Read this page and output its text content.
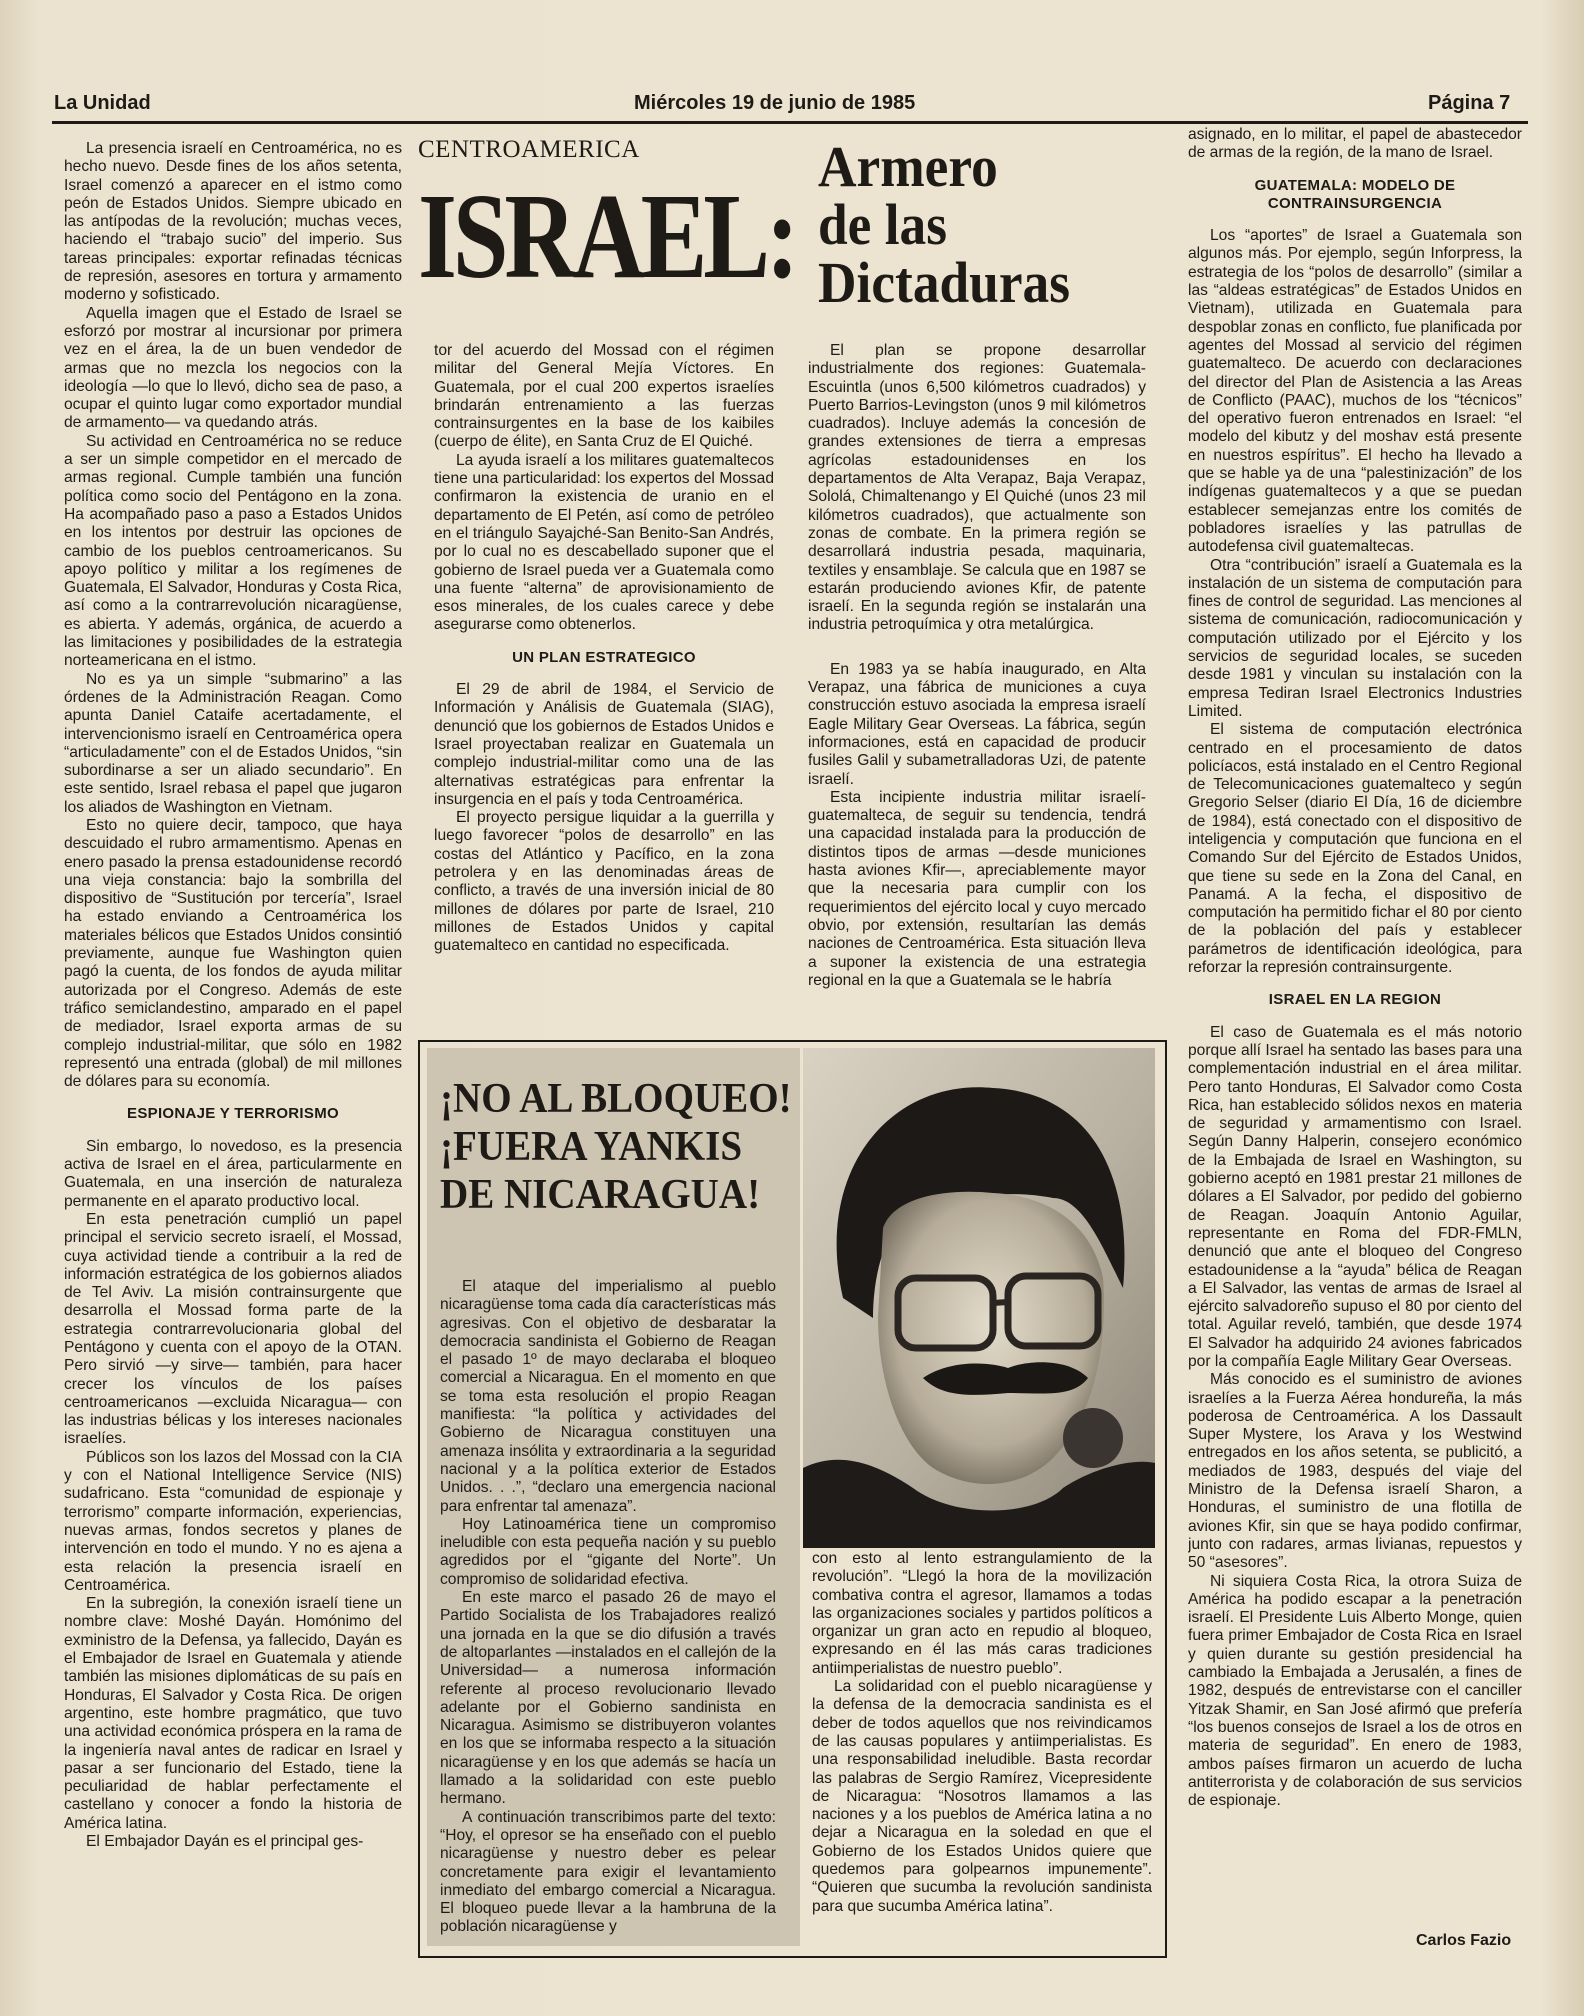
La Unidad	Miércoles 19 de junio de 1985	Página 7

La presencia israelí en Centroamérica, no es hecho nuevo. Desde fines de los años setenta, Israel comenzó a aparecer en el istmo como peón de Estados Unidos. Siempre ubicado en las antípodas de la revolución; muchas veces, haciendo el “trabajo sucio” del imperio. Sus tareas principales: exportar refinadas técnicas de represión, asesores en tortura y armamento moderno y sofisticado.

Aquella imagen que el Estado de Israel se esforzó por mostrar al incursionar por primera vez en el área, la de un buen vendedor de armas que no mezcla los negocios con la ideología —lo que lo llevó, dicho sea de paso, a ocupar el quinto lugar como exportador mundial de armamento— va quedando atrás.

Su actividad en Centroamérica no se reduce a ser un simple competidor en el mercado de armas regional. Cumple también una función política como socio del Pentágono en la zona. Ha acompañado paso a paso a Estados Unidos en los intentos por destruir las opciones de cambio de los pueblos centroamericanos. Su apoyo político y militar a los regímenes de Guatemala, El Salvador, Honduras y Costa Rica, así como a la contrarrevolución nicaragüense, es abierta. Y además, orgánica, de acuerdo a las limitaciones y posibilidades de la estrategia norteamericana en el istmo.

No es ya un simple “submarino” a las órdenes de la Administración Reagan. Como apunta Daniel Cataife acertadamente, el intervencionismo israelí en Centroamérica opera “articuladamente” con el de Estados Unidos, “sin subordinarse a ser un aliado secundario”. En este sentido, Israel rebasa el papel que jugaron los aliados de Washington en Vietnam.

Esto no quiere decir, tampoco, que haya descuidado el rubro armamentismo. Apenas en enero pasado la prensa estadounidense recordó una vieja constancia: bajo la sombrilla del dispositivo de “Sustitución por tercería”, Israel ha estado enviando a Centroamérica los materiales bélicos que Estados Unidos consintió previamente, aunque fue Washington quien pagó la cuenta, de los fondos de ayuda militar autorizada por el Congreso. Además de este tráfico semiclandestino, amparado en el papel de mediador, Israel exporta armas de su complejo industrial-militar, que sólo en 1982 representó una entrada (global) de mil millones de dólares para su economía.

ESPIONAJE Y TERRORISMO

Sin embargo, lo novedoso, es la presencia activa de Israel en el área, particularmente en Guatemala, en una inserción de naturaleza permanente en el aparato productivo local.

En esta penetración cumplió un papel principal el servicio secreto israelí, el Mossad, cuya actividad tiende a contribuir a la red de información estratégica de los gobiernos aliados de Tel Aviv. La misión contrainsurgente que desarrolla el Mossad forma parte de la estrategia contrarrevolucionaria global del Pentágono y cuenta con el apoyo de la OTAN. Pero sirvió —y sirve— también, para hacer crecer los vínculos de los países centroamericanos —excluida Nicaragua— con las industrias bélicas y los intereses nacionales israelíes.

Públicos son los lazos del Mossad con la CIA y con el National Intelligence Service (NIS) sudafricano. Esta “comunidad de espionaje y terrorismo” comparte información, experiencias, nuevas armas, fondos secretos y planes de intervención en todo el mundo. Y no es ajena a esta relación la presencia israelí en Centroamérica.

En la subregión, la conexión israelí tiene un nombre clave: Moshé Dayán. Homónimo del exministro de la Defensa, ya fallecido, Dayán es el Embajador de Israel en Guatemala y atiende también las misiones diplomáticas de su país en Honduras, El Salvador y Costa Rica. De origen argentino, este hombre pragmático, que tuvo una actividad económica próspera en la rama de la ingeniería naval antes de radicar en Israel y pasar a ser funcionario del Estado, tiene la peculiaridad de hablar perfectamente el castellano y conocer a fondo la historia de América latina.

El Embajador Dayán es el principal ges-

CENTROAMERICA
ISRAEL:
Armero
de las
Dictaduras

tor del acuerdo del Mossad con el régimen militar del General Mejía Víctores. En Guatemala, por el cual 200 expertos israelíes brindarán entrenamiento a las fuerzas contrainsurgentes en la base de los kaibiles (cuerpo de élite), en Santa Cruz de El Quiché.

La ayuda israelí a los militares guatemaltecos tiene una particularidad: los expertos del Mossad confirmaron la existencia de uranio en el departamento de El Petén, así como de petróleo en el triángulo Sayajché-San Benito-San Andrés, por lo cual no es descabellado suponer que el gobierno de Israel pueda ver a Guatemala como una fuente “alterna” de aprovisionamiento de esos minerales, de los cuales carece y debe asegurarse como obtenerlos.

UN PLAN ESTRATEGICO

El 29 de abril de 1984, el Servicio de Información y Análisis de Guatemala (SIAG), denunció que los gobiernos de Estados Unidos e Israel proyectaban realizar en Guatemala un complejo industrial-militar como una de las alternativas estratégicas para enfrentar la insurgencia en el país y toda Centroamérica.

El proyecto persigue liquidar a la guerrilla y luego favorecer “polos de desarrollo” en las costas del Atlántico y Pacífico, en la zona petrolera y en las denominadas áreas de conflicto, a través de una inversión inicial de 80 millones de dólares por parte de Israel, 210 millones de Estados Unidos y capital guatemalteco en cantidad no especificada.

El plan se propone desarrollar industrialmente dos regiones: Guatemala-Escuintla (unos 6,500 kilómetros cuadrados) y Puerto Barrios-Levingston (unos 9 mil kilómetros cuadrados). Incluye además la concesión de grandes extensiones de tierra a empresas agrícolas estadounidenses en los departamentos de Alta Verapaz, Baja Verapaz, Sololá, Chimaltenango y El Quiché (unos 23 mil kilómetros cuadrados), que actualmente son zonas de combate. En la primera región se desarrollará industria pesada, maquinaria, textiles y ensamblaje. Se calcula que en 1987 se estarán produciendo aviones Kfir, de patente israelí. En la segunda región se instalarán una industria petroquímica y otra metalúrgica.

En 1983 ya se había inaugurado, en Alta Verapaz, una fábrica de municiones a cuya construcción estuvo asociada la empresa israelí Eagle Military Gear Overseas. La fábrica, según informaciones, está en capacidad de producir fusiles Galil y subametralladoras Uzi, de patente israelí.

Esta incipiente industria militar israelí-guatemalteca, de seguir su tendencia, tendrá una capacidad instalada para la producción de distintos tipos de armas —desde municiones hasta aviones Kfir—, apreciablemente mayor que la necesaria para cumplir con los requerimientos del ejército local y cuyo mercado obvio, por extensión, resultarían las demás naciones de Centroamérica. Esta situación lleva a suponer la existencia de una estrategia regional en la que a Guatemala se le habría

asignado, en lo militar, el papel de abastecedor de armas de la región, de la mano de Israel.

GUATEMALA: MODELO DE CONTRAINSURGENCIA

Los “aportes” de Israel a Guatemala son algunos más. Por ejemplo, según Inforpress, la estrategia de los “polos de desarrollo” (similar a las “aldeas estratégicas” de Estados Unidos en Vietnam), utilizada en Guatemala para despoblar zonas en conflicto, fue planificada por agentes del Mossad al servicio del régimen guatemalteco. De acuerdo con declaraciones del director del Plan de Asistencia a las Areas de Conflicto (PAAC), muchos de los “técnicos” del operativo fueron entrenados en Israel: “el modelo del kibutz y del moshav está presente en nuestros espíritus”. El hecho ha llevado a que se hable ya de una “palestinización” de los indígenas guatemaltecos y a que se puedan establecer semejanzas entre los comités de pobladores israelíes y las patrullas de autodefensa civil guatemaltecas.

Otra “contribución” israelí a Guatemala es la instalación de un sistema de computación para fines de control de seguridad. Las menciones al sistema de comunicación, radiocomunicación y computación utilizado por el Ejército y los servicios de seguridad locales, se suceden desde 1981 y vinculan su instalación con la empresa Tediran Israel Electronics Industries Limited.

El sistema de computación electrónica centrado en el procesamiento de datos policíacos, está instalado en el Centro Regional de Telecomunicaciones guatemalteco y según Gregorio Selser (diario El Día, 16 de diciembre de 1984), está conectado con el dispositivo de inteligencia y computación que funciona en el Comando Sur del Ejército de Estados Unidos, que tiene su sede en la Zona del Canal, en Panamá. A la fecha, el dispositivo de computación ha permitido fichar el 80 por ciento de la población del país y establecer parámetros de identificación ideológica, para reforzar la represión contrainsurgente.

ISRAEL EN LA REGION

El caso de Guatemala es el más notorio porque allí Israel ha sentado las bases para una complementación industrial en el área militar. Pero tanto Honduras, El Salvador como Costa Rica, han establecido sólidos nexos en materia de seguridad y armamentismo con Israel. Según Danny Halperin, consejero económico de la Embajada de Israel en Washington, su gobierno aceptó en 1981 prestar 21 millones de dólares a El Salvador, por pedido del gobierno de Reagan. Joaquín Antonio Aguilar, representante en Roma del FDR-FMLN, denunció que ante el bloqueo del Congreso estadounidense a la “ayuda” bélica de Reagan a El Salvador, las ventas de armas de Israel al ejército salvadoreño supuso el 80 por ciento del total. Aguilar reveló, también, que desde 1974 El Salvador ha adquirido 24 aviones fabricados por la compañía Eagle Military Gear Overseas.

Más conocido es el suministro de aviones israelíes a la Fuerza Aérea hondureña, la más poderosa de Centroamérica. A los Dassault Super Mystere, los Arava y los Westwind entregados en los años setenta, se publicitó, a mediados de 1983, después del viaje del Ministro de la Defensa israelí Sharon, a Honduras, el suministro de una flotilla de aviones Kfir, sin que se haya podido confirmar, junto con radares, armas livianas, repuestos y 50 “asesores”.

Ni siquiera Costa Rica, la otrora Suiza de América ha podido escapar a la penetración israelí. El Presidente Luis Alberto Monge, quien fuera primer Embajador de Costa Rica en Israel y quien durante su gestión presidencial ha cambiado la Embajada a Jerusalén, a fines de 1982, después de entrevistarse con el canciller Yitzak Shamir, en San José afirmó que prefería “los buenos consejos de Israel a los de otros en materia de seguridad”. En enero de 1983, ambos países firmaron un acuerdo de lucha antiterrorista y de colaboración de sus servicios de espionaje.

Carlos Fazio
¡NO AL BLOQUEO!
¡FUERA YANKIS
DE NICARAGUA!

El ataque del imperialismo al pueblo nicaragüense toma cada día características más agresivas. Con el objetivo de desbaratar la democracia sandinista el Gobierno de Reagan el pasado 1º de mayo declaraba el bloqueo comercial a Nicaragua. En el momento en que se toma esta resolución el propio Reagan manifiesta: “la política y actividades del Gobierno de Nicaragua constituyen una amenaza insólita y extraordinaria a la seguridad nacional y a la política exterior de Estados Unidos. . .”, “declaro una emergencia nacional para enfrentar tal amenaza”.

Hoy Latinoamérica tiene un compromiso ineludible con esta pequeña nación y su pueblo agredidos por el “gigante del Norte”. Un compromiso de solidaridad efectiva.

En este marco el pasado 26 de mayo el Partido Socialista de los Trabajadores realizó una jornada en la que se dio difusión a través de altoparlantes —instalados en el callejón de la Universidad— a numerosa información referente al proceso revolucionario llevado adelante por el Gobierno sandinista en Nicaragua. Asimismo se distribuyeron volantes en los que se informaba respecto a la situación nicaragüense y en los que además se hacía un llamado a la solidaridad con este pueblo hermano.

A continuación transcribimos parte del texto: “Hoy, el opresor se ha enseñado con el pueblo nicaragüense y nuestro deber es pelear concretamente para exigir el levantamiento inmediato del embargo comercial a Nicaragua. El bloqueo puede llevar a la hambruna de la población nicaragüense y

con esto al lento estrangulamiento de la revolución”. “Llegó la hora de la movilización combativa contra el agresor, llamamos a todas las organizaciones sociales y partidos políticos a organizar un gran acto en repudio al bloqueo, expresando en él las más caras tradiciones antiimperialistas de nuestro pueblo”.

La solidaridad con el pueblo nicaragüense y la defensa de la democracia sandinista es el deber de todos aquellos que nos reivindicamos de las causas populares y antiimperialistas. Es una responsabilidad ineludible. Basta recordar las palabras de Sergio Ramírez, Vicepresidente de Nicaragua: “Nosotros llamamos a las naciones y a los pueblos de América latina a no dejar a Nicaragua en la soledad en que el Gobierno de los Estados Unidos quiere que quedemos para golpearnos impunemente”. “Quieren que sucumba la revolución sandinista para que sucumba América latina”.
